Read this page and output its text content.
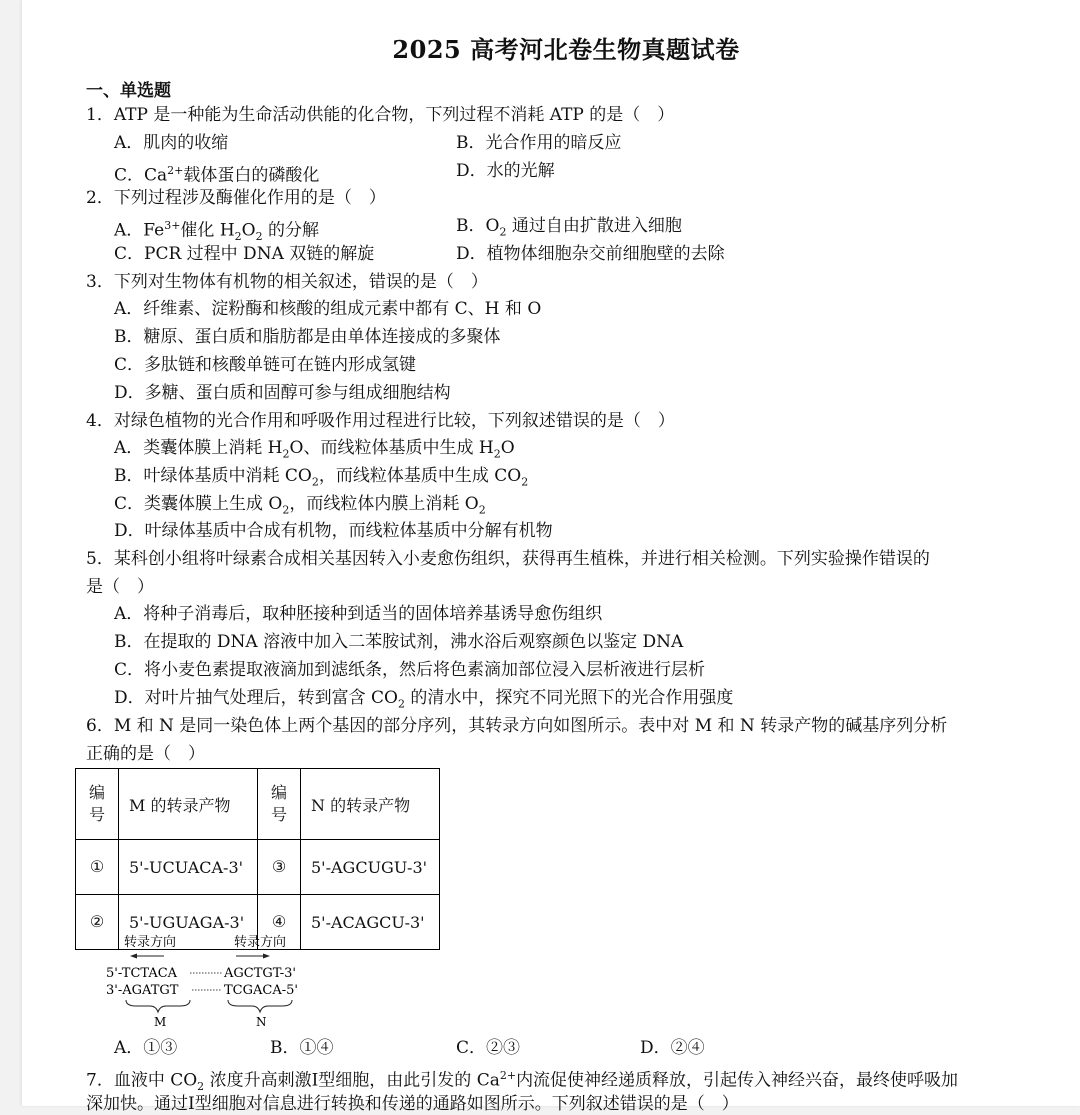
2025 高考河北卷生物真题试卷
一、单选题
1．ATP 是一种能为生命活动供能的化合物，下列过程不消耗 ATP 的是（　）
A．肌肉的收缩	B．光合作用的暗反应
C．$Ca^{2+}$载体蛋白的磷酸化	D．水的光解
2．下列过程涉及酶催化作用的是（　）
A．$Fe^{3+}$催化 $H_2O_2$ 的分解	B．$O_2$ 通过自由扩散进入细胞
C．PCR 过程中 DNA 双链的解旋	D．植物体细胞杂交前细胞壁的去除
3．下列对生物体有机物的相关叙述，错误的是（　）
A．纤维素、淀粉酶和核酸的组成元素中都有 C、H 和 O
B．糖原、蛋白质和脂肪都是由单体连接成的多聚体
C．多肽链和核酸单链可在链内形成氢键
D．多糖、蛋白质和固醇可参与组成细胞结构
4．对绿色植物的光合作用和呼吸作用过程进行比较，下列叙述错误的是（　）
A．类囊体膜上消耗 $H_2O$、而线粒体基质中生成 $H_2O$
B．叶绿体基质中消耗 $CO_2$，而线粒体基质中生成 $CO_2$
C．类囊体膜上生成 $O_2$，而线粒体内膜上消耗 $O_2$
D．叶绿体基质中合成有机物，而线粒体基质中分解有机物
5．某科创小组将叶绿素合成相关基因转入小麦愈伤组织，获得再生植株，并进行相关检测。下列实验操作错误的
是（　）
A．将种子消毒后，取种胚接种到适当的固体培养基诱导愈伤组织
B．在提取的 DNA 溶液中加入二苯胺试剂，沸水浴后观察颜色以鉴定 DNA
C．将小麦色素提取液滴加到滤纸条，然后将色素滴加部位浸入层析液进行层析
D．对叶片抽气处理后，转到富含 $CO_2$ 的清水中，探究不同光照下的光合作用强度
6．M 和 N 是同一染色体上两个基因的部分序列，其转录方向如图所示。表中对 M 和 N 转录产物的碱基序列分析
正确的是（　）
编号	M 的转录产物	编号	N 的转录产物
①	5'-UCUACA-3'	③	5'-AGCUGU-3'
②	5'-UGUAGA-3'	④	5'-ACAGCU-3'
转录方向	转录方向
5'-TCTACA	AGCTGT-3'
3'-AGATGT	TCGACA-5'
M	N
A．①③	B．①④	C．②③	D．②④
7．血液中 $CO_2$ 浓度升高刺激Ⅰ型细胞，由此引发的 $Ca^{2+}$内流促使神经递质释放，引起传入神经兴奋，最终使呼吸加
深加快。通过Ⅰ型细胞对信息进行转换和传递的通路如图所示。下列叙述错误的是（　）
